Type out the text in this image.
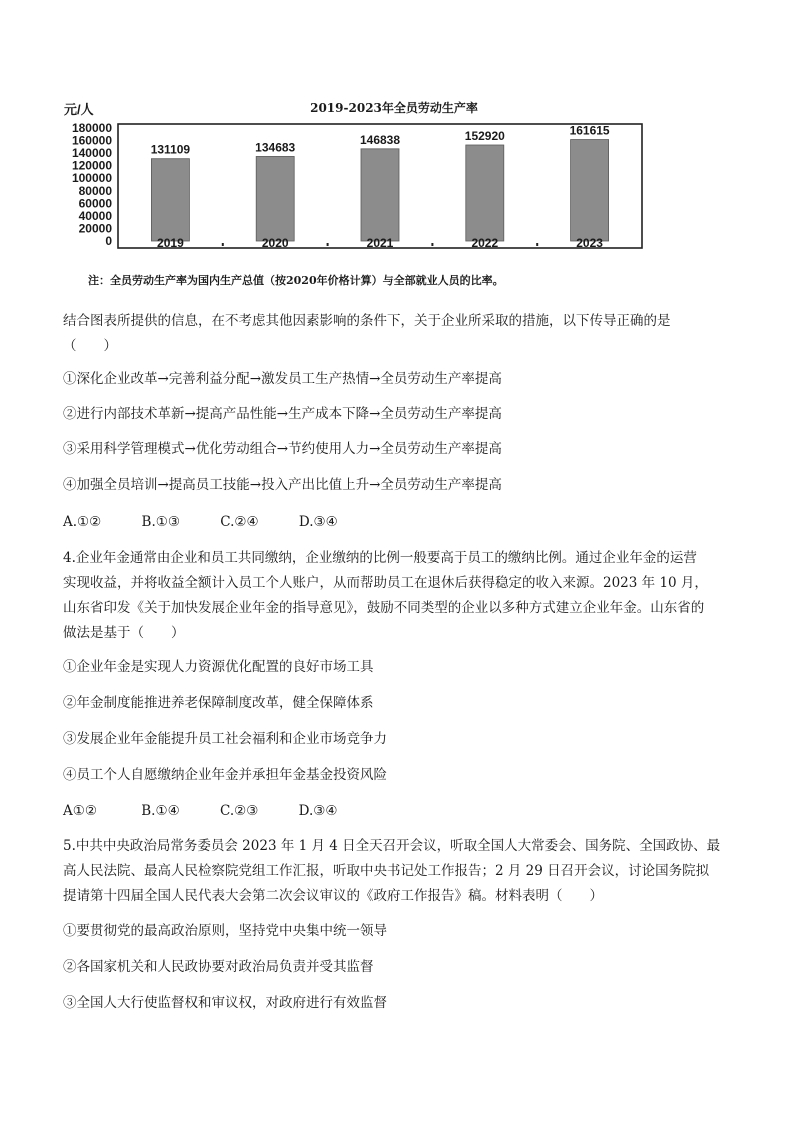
元/人	2019-2023年全员劳动生产率
180000
160000
140000
120000
100000
80000
60000
40000
20000
0
131109	134683
146838	152920	161615
2019	2020	2021	2022	2023
注：全员劳动生产率为国内生产总值（按2020年价格计算）与全部就业人员的比率。
结合图表所提供的信息，在不考虑其他因素影响的条件下，关于企业所采取的措施，以下传导正确的是
（　　）
①深化企业改革→完善利益分配→激发员工生产热情→全员劳动生产率提高
②进行内部技术革新→提高产品性能→生产成本下降→全员劳动生产率提高
③采用科学管理模式→优化劳动组合→节约使用人力→全员劳动生产率提高
④加强全员培训→提高员工技能→投入产出比值上升→全员劳动生产率提高
A.①②	B.①③	C.②④	D.③④
4.企业年金通常由企业和员工共同缴纳，企业缴纳的比例一般要高于员工的缴纳比例。通过企业年金的运营
实现收益，并将收益全额计入员工个人账户，从而帮助员工在退休后获得稳定的收入来源。2023 年 10 月，
山东省印发《关于加快发展企业年金的指导意见》，鼓励不同类型的企业以多种方式建立企业年金。山东省的
做法是基于（　　）
①企业年金是实现人力资源优化配置的良好市场工具
②年金制度能推进养老保障制度改革，健全保障体系
③发展企业年金能提升员工社会福利和企业市场竞争力
④员工个人自愿缴纳企业年金并承担年金基金投资风险
A①②	B.①④	C.②③	D.③④
5.中共中央政治局常务委员会 2023 年 1 月 4 日全天召开会议，听取全国人大常委会、国务院、全国政协、最
高人民法院、最高人民检察院党组工作汇报，听取中央书记处工作报告；2 月 29 日召开会议，讨论国务院拟
提请第十四届全国人民代表大会第二次会议审议的《政府工作报告》稿。材料表明（　　）
①要贯彻党的最高政治原则，坚持党中央集中统一领导
②各国家机关和人民政协要对政治局负责并受其监督
③全国人大行使监督权和审议权，对政府进行有效监督
